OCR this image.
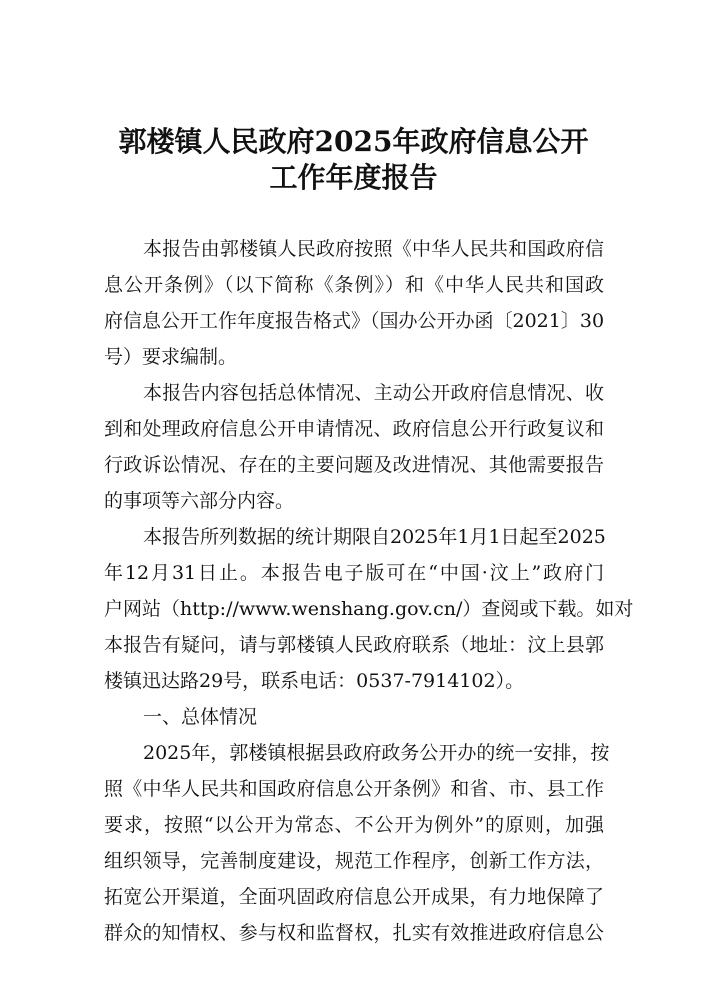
郭楼镇人民政府2025年政府信息公开
工作年度报告
本报告由郭楼镇人民政府按照《中华人民共和国政府信
息公开条例》（以下简称《条例》）和《中华人民共和国政
府信息公开工作年度报告格式》（国办公开办函〔2021〕30
号）要求编制。
本报告内容包括总体情况、主动公开政府信息情况、收
到和处理政府信息公开申请情况、政府信息公开行政复议和
行政诉讼情况、存在的主要问题及改进情况、其他需要报告
的事项等六部分内容。
本报告所列数据的统计期限自2025年1月1日起至2025
年12月31日止。本报告电子版可在“中国·汶上”政府门
户网站（http://www.wenshang.gov.cn/）查阅或下载。如对
本报告有疑问，请与郭楼镇人民政府联系（地址：汶上县郭
楼镇迅达路29号，联系电话：0537-7914102）。
一、总体情况
2025年，郭楼镇根据县政府政务公开办的统一安排，按
照《中华人民共和国政府信息公开条例》和省、市、县工作
要求，按照“以公开为常态、不公开为例外”的原则，加强
组织领导，完善制度建设，规范工作程序，创新工作方法，
拓宽公开渠道，全面巩固政府信息公开成果，有力地保障了
群众的知情权、参与权和监督权，扎实有效推进政府信息公
